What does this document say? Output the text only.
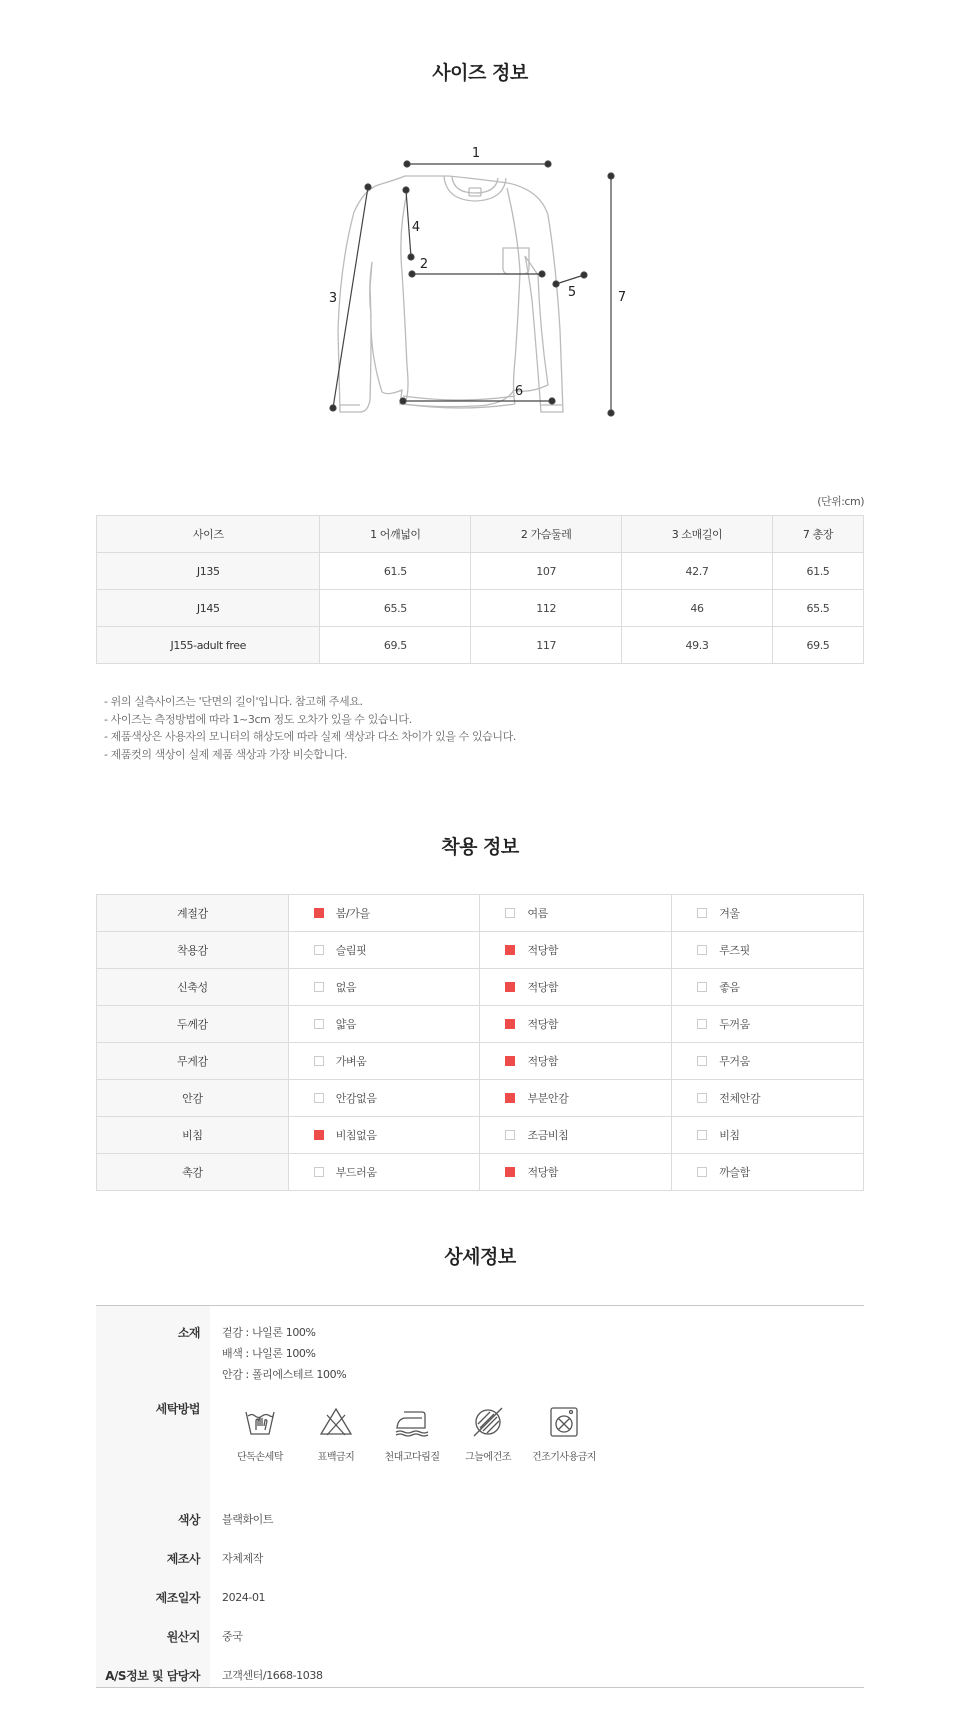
사이즈 정보
1
2
3
4
5
6
7
(단위:cm)
사이즈	1 어깨넓이	2 가슴둘레	3 소매길이	7 총장
J135	61.5	107	42.7	61.5
J145	65.5	112	46	65.5
J155-adult free	69.5	117	49.3	69.5
- 위의 실측사이즈는 '단면의 길이'입니다. 참고해 주세요.
- 사이즈는 측정방법에 따라 1~3cm 정도 오차가 있을 수 있습니다.
- 제품색상은 사용자의 모니터의 해상도에 따라 실제 색상과 다소 차이가 있을 수 있습니다.
- 제품컷의 색상이 실제 제품 색상과 가장 비슷합니다.
착용 정보
계절감	봄/가을	여름	겨울
착용감	슬림핏	적당함	루즈핏
신축성	없음	적당함	좋음
두께감	얇음	적당함	두꺼움
무게감	가벼움	적당함	무거움
안감	안감없음	부분안감	전체안감
비침	비침없음	조금비침	비침
촉감	부드러움	적당함	까슬함
상세정보
소재 겉감 : 나일론 100%
배색 : 나일론 100%
안감 : 폴리에스테르 100%
세탁방법
단독손세탁	표백금지	천대고다림질	그늘에건조	건조기사용금지
색상 블랙화이트
제조사 자체제작
제조일자 2024-01
원산지 중국
A/S정보 및 담당자 고객센터/1668-1038
